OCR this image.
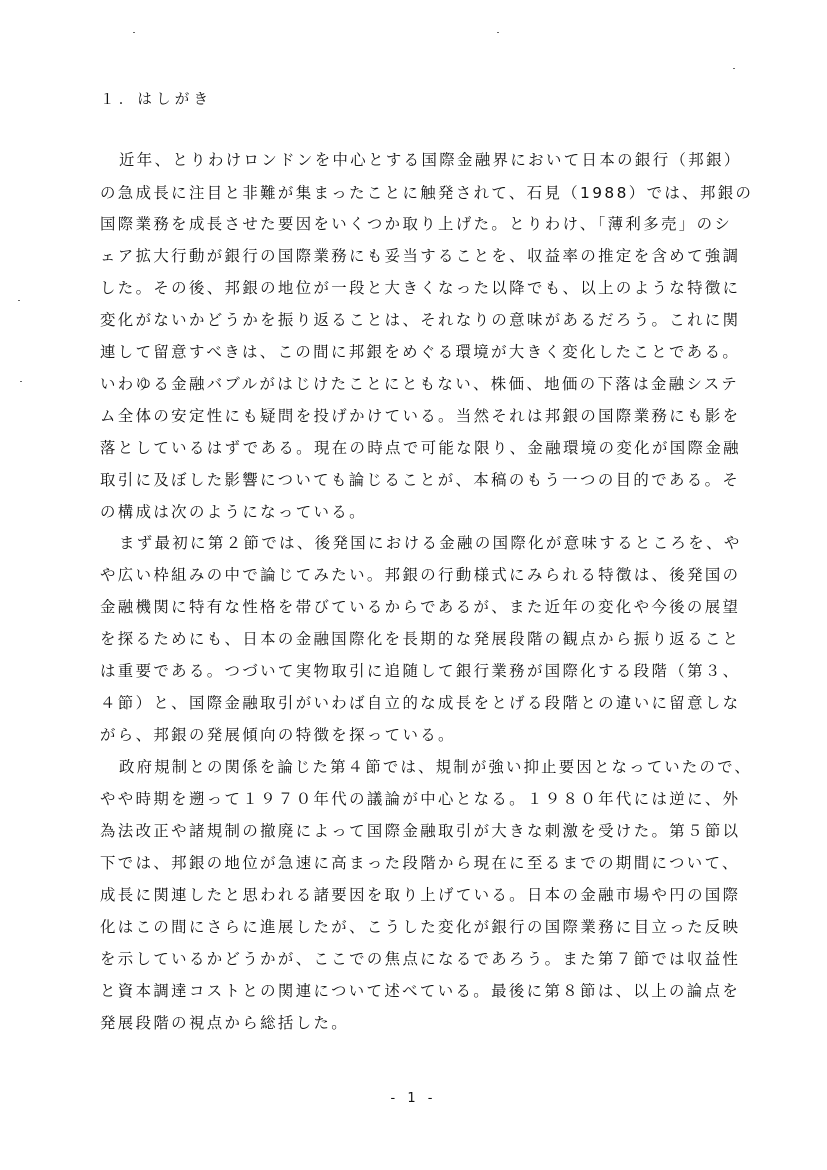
１．はしがき
近年、とりわけロンドンを中心とする国際金融界において日本の銀行（邦銀）
の急成長に注目と非難が集まったことに触発されて、石見（1988）では、邦銀の
国際業務を成長させた要因をいくつか取り上げた。とりわけ、「薄利多売」のシ
ェア拡大行動が銀行の国際業務にも妥当することを、収益率の推定を含めて強調
した。その後、邦銀の地位が一段と大きくなった以降でも、以上のような特徴に
変化がないかどうかを振り返ることは、それなりの意味があるだろう。これに関
連して留意すべきは、この間に邦銀をめぐる環境が大きく変化したことである。
いわゆる金融バブルがはじけたことにともない、株価、地価の下落は金融システ
ム全体の安定性にも疑問を投げかけている。当然それは邦銀の国際業務にも影を
落としているはずである。現在の時点で可能な限り、金融環境の変化が国際金融
取引に及ぼした影響についても論じることが、本稿のもう一つの目的である。そ
の構成は次のようになっている。
まず最初に第２節では、後発国における金融の国際化が意味するところを、や
や広い枠組みの中で論じてみたい。邦銀の行動様式にみられる特徴は、後発国の
金融機関に特有な性格を帯びているからであるが、また近年の変化や今後の展望
を探るためにも、日本の金融国際化を長期的な発展段階の観点から振り返ること
は重要である。つづいて実物取引に追随して銀行業務が国際化する段階（第３、
４節）と、国際金融取引がいわば自立的な成長をとげる段階との違いに留意しな
がら、邦銀の発展傾向の特徴を探っている。
政府規制との関係を論じた第４節では、規制が強い抑止要因となっていたので、
やや時期を遡って１９７０年代の議論が中心となる。１９８０年代には逆に、外
為法改正や諸規制の撤廃によって国際金融取引が大きな刺激を受けた。第５節以
下では、邦銀の地位が急速に高まった段階から現在に至るまでの期間について、
成長に関連したと思われる諸要因を取り上げている。日本の金融市場や円の国際
化はこの間にさらに進展したが、こうした変化が銀行の国際業務に目立った反映
を示しているかどうかが、ここでの焦点になるであろう。また第７節では収益性
と資本調達コストとの関連について述べている。最後に第８節は、以上の論点を
発展段階の視点から総括した。
- 1 -
